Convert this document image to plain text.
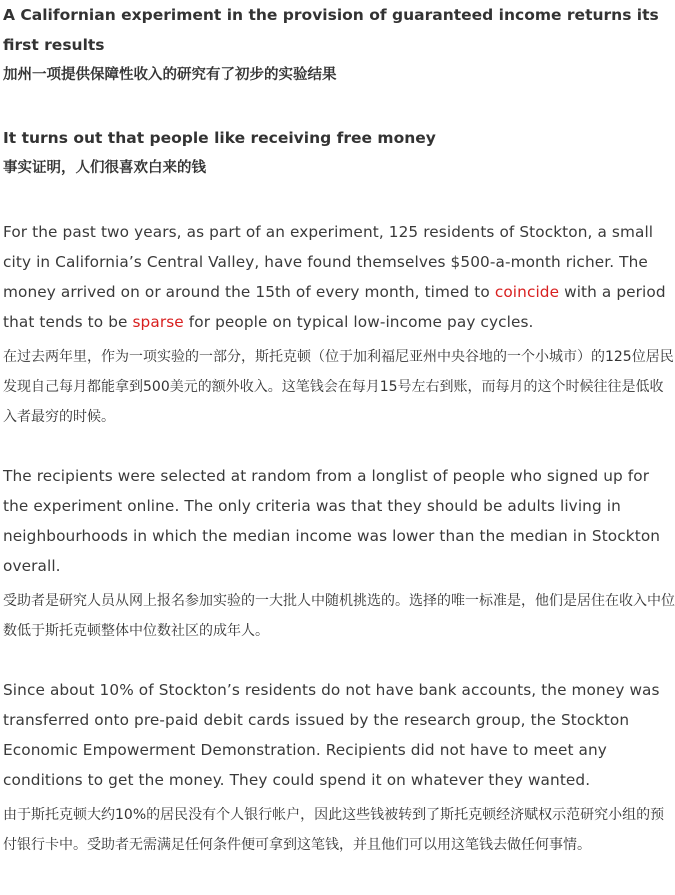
A Californian experiment in the provision of guaranteed income returns its first results

加州一项提供保障性收入的研究有了初步的实验结果

It turns out that people like receiving free money

事实证明，人们很喜欢白来的钱

For the past two years, as part of an experiment, 125 residents of Stockton, a small city in California’s Central Valley, have found themselves $500-a-month richer. The money arrived on or around the 15th of every month, timed to coincide with a period that tends to be sparse for people on typical low-income pay cycles.

在过去两年里，作为一项实验的一部分，斯托克顿（位于加利福尼亚州中央谷地的一个小城市）的125位居民发现自己每月都能拿到500美元的额外收入。这笔钱会在每月15号左右到账，而每月的这个时候往往是低收入者最穷的时候。

The recipients were selected at random from a longlist of people who signed up for the experiment online. The only criteria was that they should be adults living in neighbourhoods in which the median income was lower than the median in Stockton overall.

受助者是研究人员从网上报名参加实验的一大批人中随机挑选的。选择的唯一标准是，他们是居住在收入中位数低于斯托克顿整体中位数社区的成年人。

Since about 10% of Stockton’s residents do not have bank accounts, the money was transferred onto pre-paid debit cards issued by the research group, the Stockton Economic Empowerment Demonstration. Recipients did not have to meet any conditions to get the money. They could spend it on whatever they wanted.

由于斯托克顿大约10%的居民没有个人银行帐户，因此这些钱被转到了斯托克顿经济赋权示范研究小组的预付银行卡中。受助者无需满足任何条件便可拿到这笔钱，并且他们可以用这笔钱去做任何事情。
